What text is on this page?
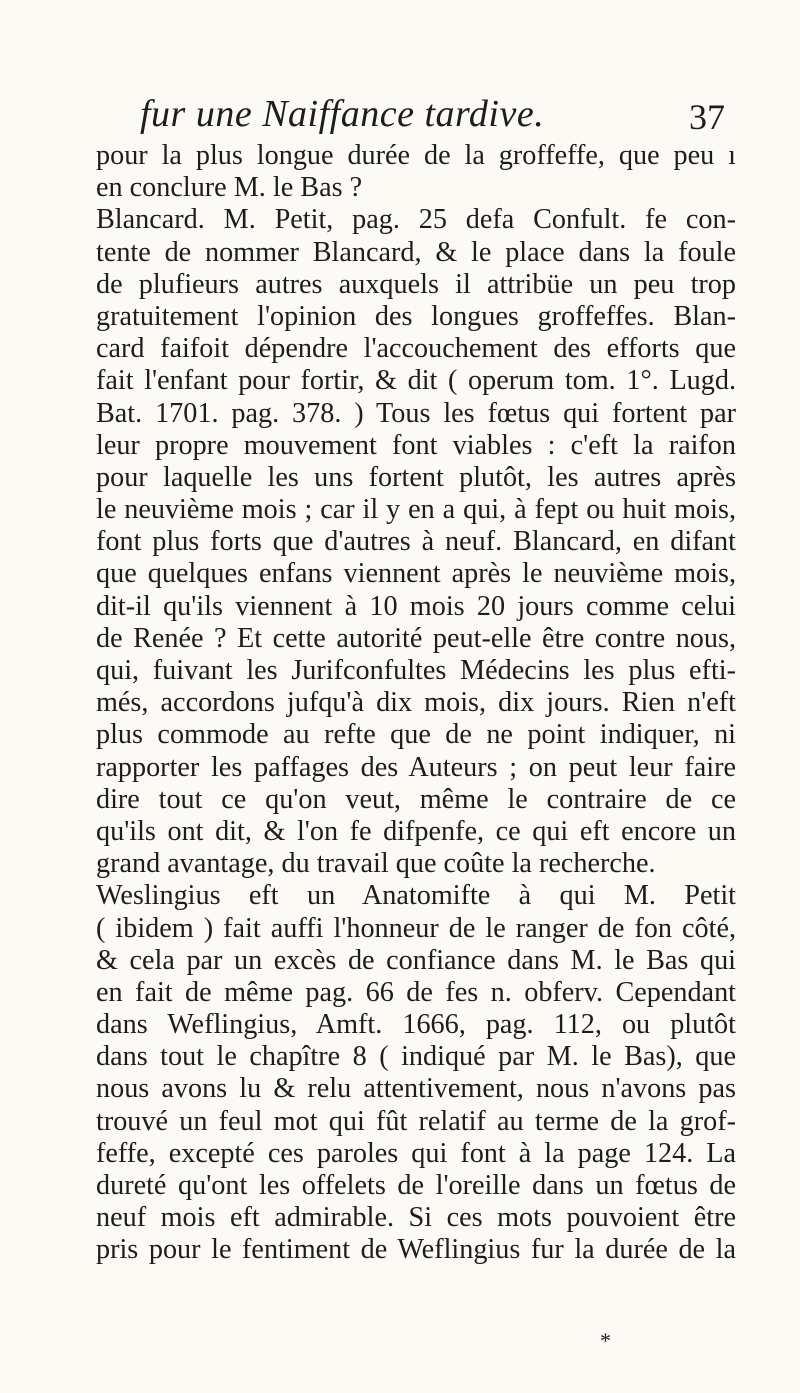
fur une Naiffance tardive.	37
pour la plus longue durée de la groffeffe, que peu ı
en conclure M. le Bas ?
Blancard. M. Petit, pag. 25 defa Confult. fe con-
tente de nommer Blancard, & le place dans la foule
de plufieurs autres auxquels il attribüe un peu trop
gratuitement l'opinion des longues groffeffes. Blan-
card faifoit dépendre l'accouchement des efforts que
fait l'enfant pour fortir, & dit ( operum tom. 1°. Lugd.
Bat. 1701. pag. 378. ) Tous les fœtus qui fortent par
leur propre mouvement font viables : c'eft la raifon
pour laquelle les uns fortent plutôt, les autres après
le neuvième mois ; car il y en a qui, à fept ou huit mois,
font plus forts que d'autres à neuf. Blancard, en difant
que quelques enfans viennent après le neuvième mois,
dit-il qu'ils viennent à 10 mois 20 jours comme celui
de Renée ? Et cette autorité peut-elle être contre nous,
qui, fuivant les Jurifconfultes Médecins les plus efti-
més, accordons jufqu'à dix mois, dix jours. Rien n'eft
plus commode au refte que de ne point indiquer, ni
rapporter les paffages des Auteurs ; on peut leur faire
dire tout ce qu'on veut, même le contraire de ce
qu'ils ont dit, & l'on fe difpenfe, ce qui eft encore un
grand avantage, du travail que coûte la recherche.
Weslingius eft un Anatomifte à qui M. Petit
( ibidem ) fait auffi l'honneur de le ranger de fon côté,
& cela par un excès de confiance dans M. le Bas qui
en fait de même pag. 66 de fes n. obferv. Cependant
dans Weflingius, Amft. 1666, pag. 112, ou plutôt
dans tout le chapître 8 ( indiqué par M. le Bas), que
nous avons lu & relu attentivement, nous n'avons pas
trouvé un feul mot qui fût relatif au terme de la grof-
feffe, excepté ces paroles qui font à la page 124. La
dureté qu'ont les offelets de l'oreille dans un fœtus de
neuf mois eft admirable. Si ces mots pouvoient être
pris pour le fentiment de Weflingius fur la durée de la
*
